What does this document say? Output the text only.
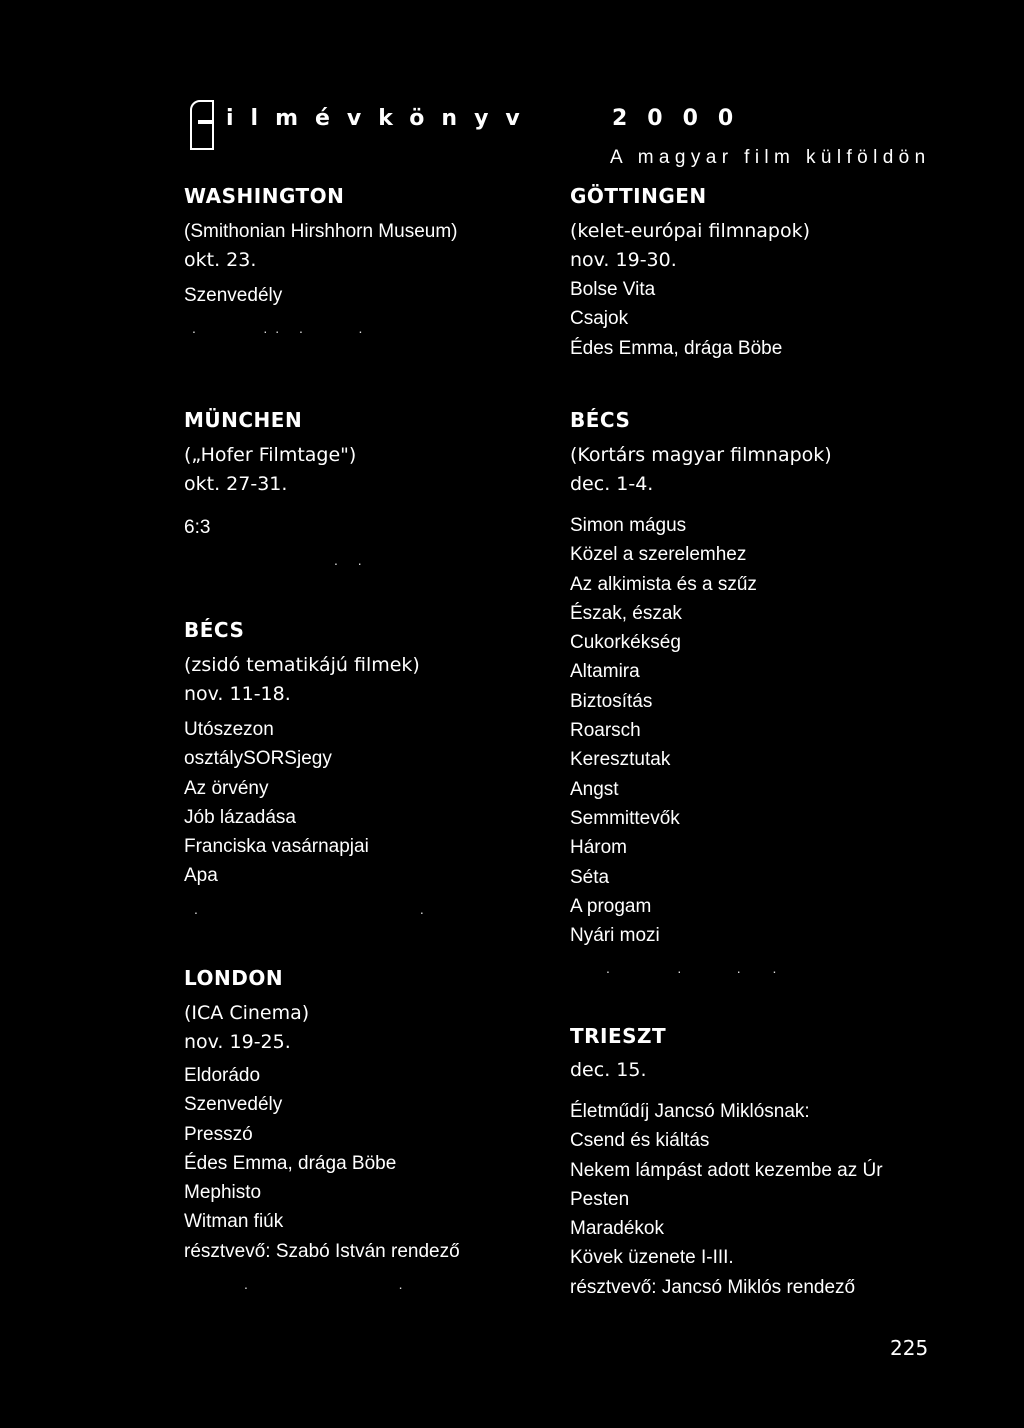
ilmévkönyv	2000
A magyar film külföldön
WASHINGTON
(Smithonian Hirshhorn Museum)
okt. 23.
Szenvedély
.     .. .    .
MÜNCHEN
(„Hofer Filmtage")
okt. 27-31.
6:3
. .
BÉCS
(zsidó tematikájú filmek)
nov. 11-18.
Utószezon
osztálySORSjegy
Az örvény
Jób lázadása
Franciska vasárnapjai
Apa
.                  .
LONDON
(ICA Cinema)
nov. 19-25.
Eldorádo
Szenvedély
Presszó
Édes Emma, drága Böbe
Mephisto
Witman fiúk
résztvevő: Szabó István rendező
.            .
GÖTTINGEN
(kelet-európai filmnapok)
nov. 19-30.
Bolse Vita
Csajok
Édes Emma, drága Böbe
BÉCS
(Kortárs magyar filmnapok)
dec. 1-4.
Simon mágus
Közel a szerelemhez
Az alkimista és a szűz
Észak, észak
Cukorkékség
Altamira
Biztosítás
Roarsch
Keresztutak
Angst
Semmittevők
Három
Séta
A progam
Nyári mozi
.     .    .  .
TRIESZT
dec. 15.
Életműdíj Jancsó Miklósnak:
Csend és kiáltás
Nekem lámpást adott kezembe az Úr
Pesten
Maradékok
Kövek üzenete I-III.
résztvevő: Jancsó Miklós rendező
225
